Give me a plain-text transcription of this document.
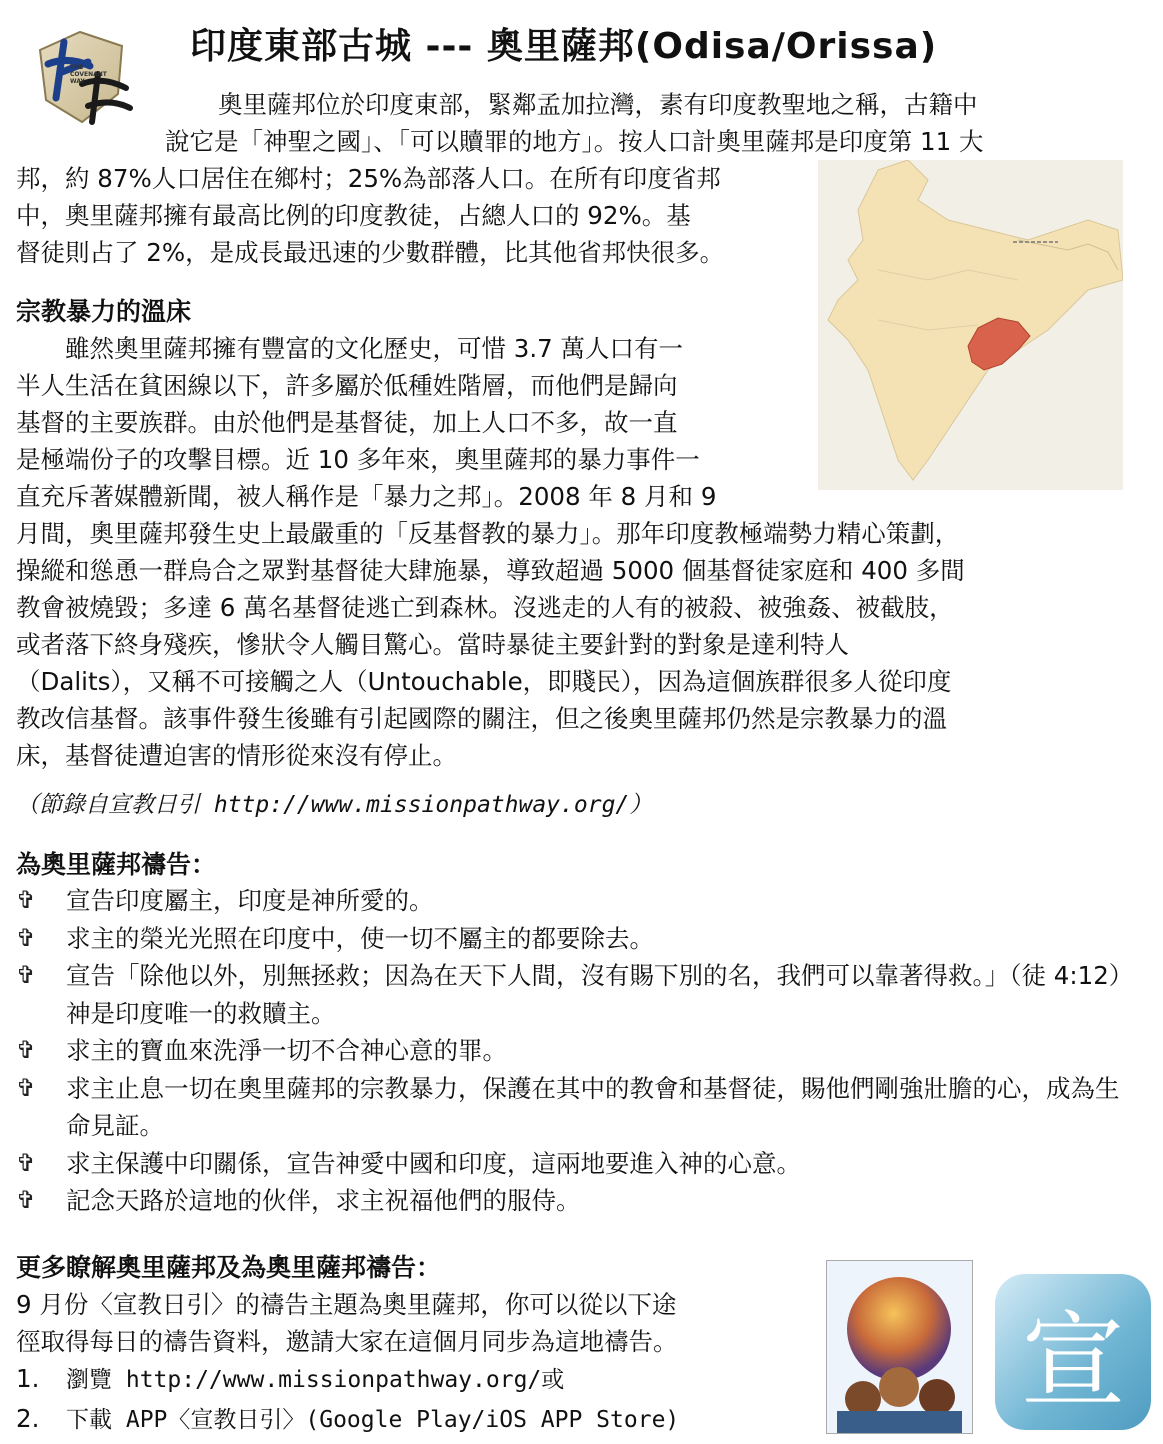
THE COVENANT WAY
印度東部古城 --- 奧里薩邦(Odisa/Orissa)
奧里薩邦位於印度東部，緊鄰孟加拉灣，素有印度教聖地之稱，古籍中
說它是「神聖之國」、「可以贖罪的地方」。按人口計奧里薩邦是印度第 11 大
邦，約 87%人口居住在鄉村；25%為部落人口。在所有印度省邦
中，奧里薩邦擁有最高比例的印度教徒，占總人口的 92%。基
督徒則占了 2%，是成長最迅速的少數群體，比其他省邦快很多。
宗教暴力的溫床
　　雖然奧里薩邦擁有豐富的文化歷史，可惜 3.7 萬人口有一
半人生活在貧困線以下，許多屬於低種姓階層，而他們是歸向
基督的主要族群。由於他們是基督徒，加上人口不多，故一直
是極端份子的攻擊目標。近 10 多年來，奧里薩邦的暴力事件一
直充斥著媒體新聞，被人稱作是「暴力之邦」。2008 年 8 月和 9
月間，奧里薩邦發生史上最嚴重的「反基督教的暴力」。那年印度教極端勢力精心策劃，
操縱和慫恿一群烏合之眾對基督徒大肆施暴，導致超過 5000 個基督徒家庭和 400 多間
教會被燒毀；多達 6 萬名基督徒逃亡到森林。沒逃走的人有的被殺、被強姦、被截肢，
或者落下終身殘疾，慘狀令人觸目驚心。當時暴徒主要針對的對象是達利特人
（Dalits），又稱不可接觸之人（Untouchable，即賤民），因為這個族群很多人從印度
教改信基督。該事件發生後雖有引起國際的關注，但之後奧里薩邦仍然是宗教暴力的溫
床，基督徒遭迫害的情形從來沒有停止。
（節錄自宣教日引 http://www.missionpathway.org/）
為奧里薩邦禱告：
✞ 宣告印度屬主，印度是神所愛的。
✞ 求主的榮光光照在印度中，使一切不屬主的都要除去。
✞ 宣告「除他以外，別無拯救；因為在天下人間，沒有賜下別的名，我們可以靠著得救。」（徒 4:12）神是印度唯一的救贖主。
✞ 求主的寶血來洗淨一切不合神心意的罪。
✞ 求主止息一切在奧里薩邦的宗教暴力，保護在其中的教會和基督徒，賜他們剛強壯膽的心，成為生命見証。
✞ 求主保護中印關係，宣告神愛中國和印度，這兩地要進入神的心意。
✞ 記念天路於這地的伙伴，求主祝福他們的服侍。
更多瞭解奧里薩邦及為奧里薩邦禱告：
9 月份〈宣教日引〉的禱告主題為奧里薩邦，你可以從以下途
徑取得每日的禱告資料，邀請大家在這個月同步為這地禱告。
1. 瀏覽 http://www.missionpathway.org/或
2. 下載 APP〈宣教日引〉(Google Play/iOS APP Store)	宣
